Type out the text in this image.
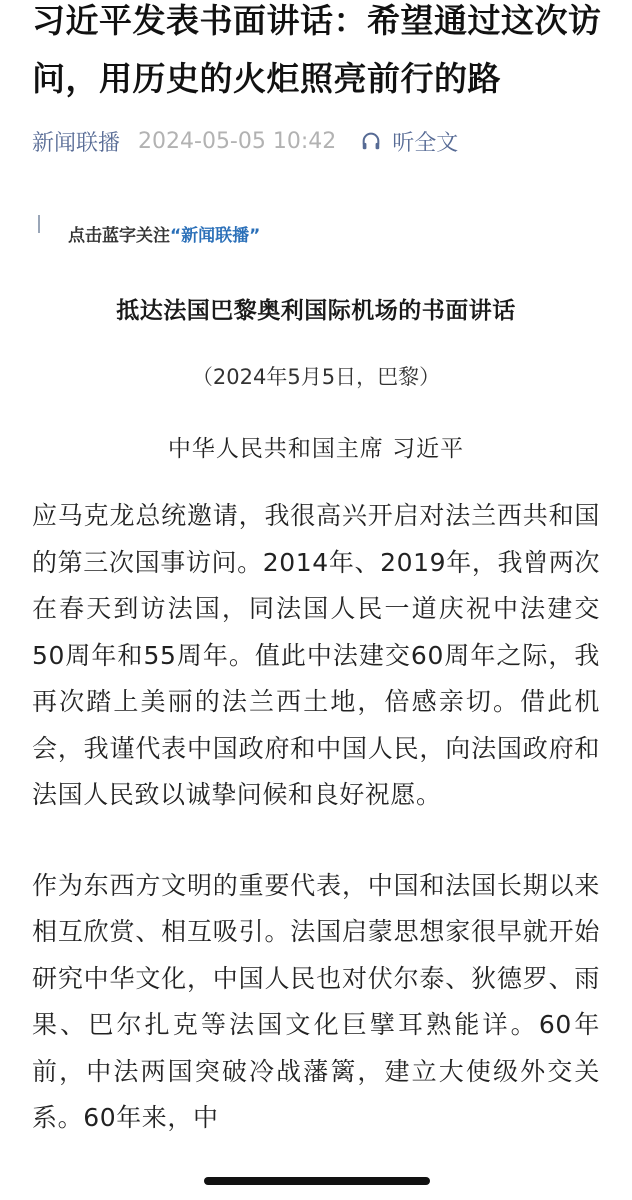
习近平发表书面讲话：希望通过这次访问，用历史的火炬照亮前行的路
新闻联播 2024-05-05 10:42	听全文
点击蓝字关注 “新闻联播”
抵达法国巴黎奥利国际机场的书面讲话
（2024年5月5日，巴黎）
中华人民共和国主席 习近平

应马克龙总统邀请，我很高兴开启对法兰西共和国的第三次国事访问。2014年、2019年，我曾两次在春天到访法国，同法国人民一道庆祝中法建交50周年和55周年。值此中法建交60周年之际，我再次踏上美丽的法兰西土地，倍感亲切。借此机会，我谨代表中国政府和中国人民，向法国政府和法国人民致以诚挚问候和良好祝愿。

作为东西方文明的重要代表，中国和法国长期以来相互欣赏、相互吸引。法国启蒙思想家很早就开始研究中华文化，中国人民也对伏尔泰、狄德罗、雨果、巴尔扎克等法国文化巨擘耳熟能详。60年前，中法两国突破冷战藩篱，建立大使级外交关系。60年来，中
